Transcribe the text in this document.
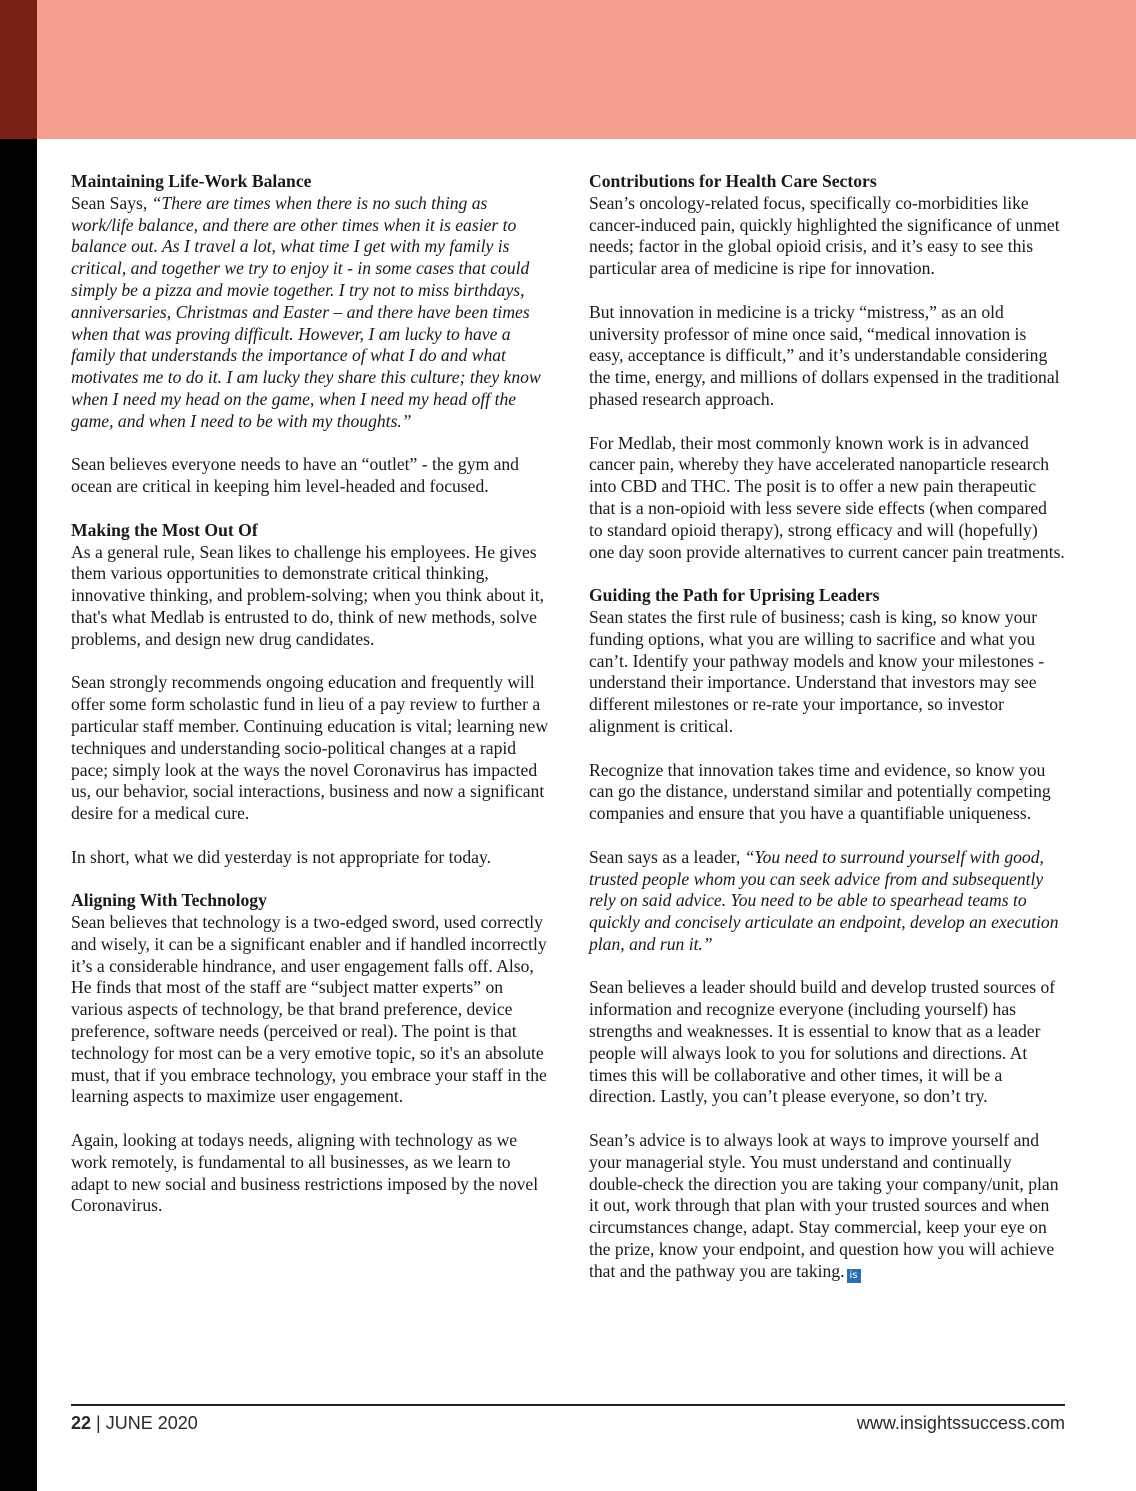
Maintaining Life-Work Balance

Sean Says, “There are times when there is no such thing as work/life balance, and there are other times when it is easier to balance out. As I travel a lot, what time I get with my family is critical, and together we try to enjoy it - in some cases that could simply be a pizza and movie together. I try not to miss birthdays, anniversaries, Christmas and Easter – and there have been times when that was proving difficult. However, I am lucky to have a family that understands the importance of what I do and what motivates me to do it. I am lucky they share this culture; they know when I need my head on the game, when I need my head off the game, and when I need to be with my thoughts.”

Sean believes everyone needs to have an “outlet” - the gym and ocean are critical in keeping him level-headed and focused.

Making the Most Out Of

As a general rule, Sean likes to challenge his employees. He gives them various opportunities to demonstrate critical thinking, innovative thinking, and problem-solving; when you think about it, that's what Medlab is entrusted to do, think of new methods, solve problems, and design new drug candidates.

Sean strongly recommends ongoing education and frequently will offer some form scholastic fund in lieu of a pay review to further a particular staff member. Continuing education is vital; learning new techniques and understanding socio-political changes at a rapid pace; simply look at the ways the novel Coronavirus has impacted us, our behavior, social interactions, business and now a significant desire for a medical cure.

In short, what we did yesterday is not appropriate for today.

Aligning With Technology

Sean believes that technology is a two-edged sword, used correctly and wisely, it can be a significant enabler and if handled incorrectly it’s a considerable hindrance, and user engagement falls off. Also, He finds that most of the staff are “subject matter experts” on various aspects of technology, be that brand preference, device preference, software needs (perceived or real). The point is that technology for most can be a very emotive topic, so it's an absolute must, that if you embrace technology, you embrace your staff in the learning aspects to maximize user engagement.

Again, looking at todays needs, aligning with technology as we work remotely, is fundamental to all businesses, as we learn to adapt to new social and business restrictions imposed by the novel Coronavirus.

Contributions for Health Care Sectors

Sean’s oncology-related focus, specifically co-morbidities like cancer-induced pain, quickly highlighted the significance of unmet needs; factor in the global opioid crisis, and it’s easy to see this particular area of medicine is ripe for innovation.

But innovation in medicine is a tricky “mistress,” as an old university professor of mine once said, “medical innovation is easy, acceptance is difficult,” and it’s understandable considering the time, energy, and millions of dollars expensed in the traditional phased research approach.

For Medlab, their most commonly known work is in advanced cancer pain, whereby they have accelerated nanoparticle research into CBD and THC. The posit is to offer a new pain therapeutic that is a non-opioid with less severe side effects (when compared to standard opioid therapy), strong efficacy and will (hopefully) one day soon provide alternatives to current cancer pain treatments.

Guiding the Path for Uprising Leaders

Sean states the first rule of business; cash is king, so know your funding options, what you are willing to sacrifice and what you can’t. Identify your pathway models and know your milestones - understand their importance. Understand that investors may see different milestones or re-rate your importance, so investor alignment is critical.

Recognize that innovation takes time and evidence, so know you can go the distance, understand similar and potentially competing companies and ensure that you have a quantifiable uniqueness.

Sean says as a leader, “You need to surround yourself with good, trusted people whom you can seek advice from and subsequently rely on said advice. You need to be able to spearhead teams to quickly and concisely articulate an endpoint, develop an execution plan, and run it.”

Sean believes a leader should build and develop trusted sources of information and recognize everyone (including yourself) has strengths and weaknesses. It is essential to know that as a leader people will always look to you for solutions and directions. At times this will be collaborative and other times, it will be a direction. Lastly, you can’t please everyone, so don’t try.

Sean’s advice is to always look at ways to improve yourself and your managerial style. You must understand and continually double-check the direction you are taking your company/unit, plan it out, work through that plan with your trusted sources and when circumstances change, adapt. Stay commercial, keep your eye on the prize, know your endpoint, and question how you will achieve that and the pathway you are taking. is

22 | JUNE 2020	www.insightssuccess.com
